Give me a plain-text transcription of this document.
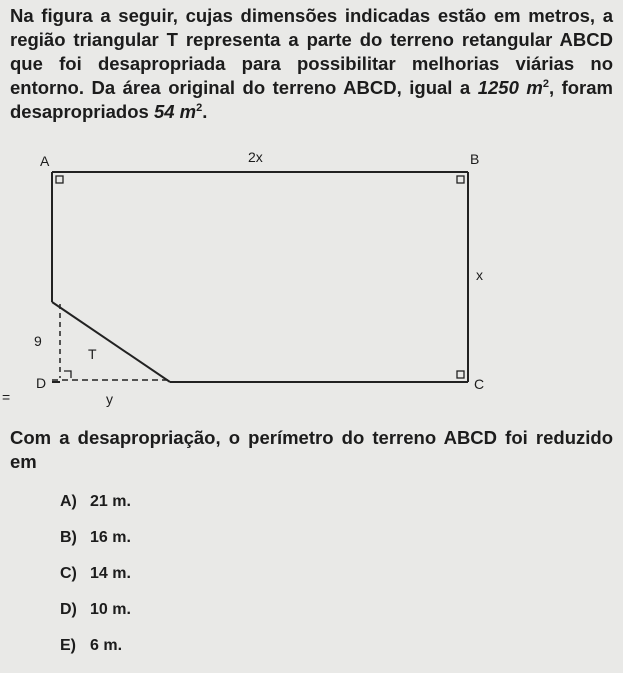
Na figura a seguir, cujas dimensões indicadas estão em metros, a região triangular T representa a parte do terreno retangular ABCD que foi desapropriada para possibilitar melhorias viárias no entorno. Da área original do terreno ABCD, igual a 1250 $m^2$, foram desapropriados 54 $m^2$.

A	B
C
D
2x
x
9
y
T
=

Com a desapropriação, o perímetro do terreno ABCD foi reduzido em

A) 21 m.
B) 16 m.
C) 14 m.
D) 10 m.
E) 6 m.
